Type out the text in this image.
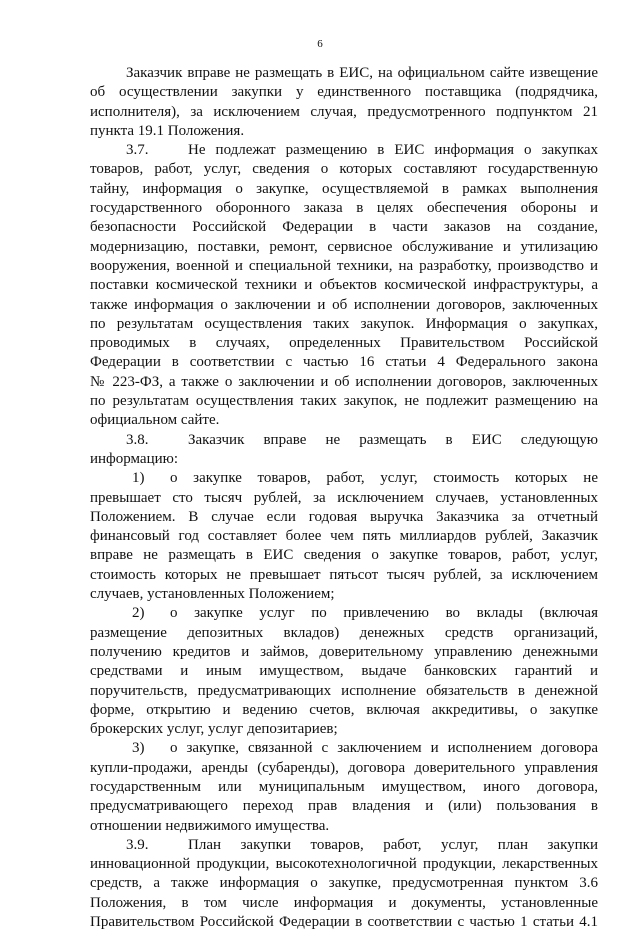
6
Заказчик вправе не размещать в ЕИС, на официальном сайте извещение
об осуществлении закупки у единственного поставщика (подрядчика,
исполнителя), за исключением случая, предусмотренного подпунктом 21
пункта 19.1 Положения.
3.7.	Не подлежат размещению в ЕИС информация о закупках
товаров, работ, услуг, сведения о которых составляют государственную
тайну, информация о закупке, осуществляемой в рамках выполнения
государственного оборонного заказа в целях обеспечения обороны и
безопасности Российской Федерации в части заказов на создание,
модернизацию, поставки, ремонт, сервисное обслуживание и утилизацию
вооружения, военной и специальной техники, на разработку, производство и
поставки космической техники и объектов космической инфраструктуры, а
также информация о заключении и об исполнении договоров, заключенных
по результатам осуществления таких закупок. Информация о закупках,
проводимых в случаях, определенных Правительством Российской
Федерации в соответствии с частью 16 статьи 4 Федерального закона
№ 223-ФЗ, а также о заключении и об исполнении договоров, заключенных
по результатам осуществления таких закупок, не подлежит размещению на
официальном сайте.
3.8.	Заказчик вправе не размещать в ЕИС следующую
информацию:
1) о закупке товаров, работ, услуг, стоимость которых не
превышает сто тысяч рублей, за исключением случаев, установленных
Положением. В случае если годовая выручка Заказчика за отчетный
финансовый год составляет более чем пять миллиардов рублей, Заказчик
вправе не размещать в ЕИС сведения о закупке товаров, работ, услуг,
стоимость которых не превышает пятьсот тысяч рублей, за исключением
случаев, установленных Положением;
2) о закупке услуг по привлечению во вклады (включая
размещение депозитных вкладов) денежных средств организаций,
получению кредитов и займов, доверительному управлению денежными
средствами и иным имуществом, выдаче банковских гарантий и
поручительств, предусматривающих исполнение обязательств в денежной
форме, открытию и ведению счетов, включая аккредитивы, о закупке
брокерских услуг, услуг депозитариев;
3) о закупке, связанной с заключением и исполнением договора
купли-продажи, аренды (субаренды), договора доверительного управления
государственным или муниципальным имуществом, иного договора,
предусматривающего переход прав владения и (или) пользования в
отношении недвижимого имущества.
3.9.	План закупки товаров, работ, услуг, план закупки
инновационной продукции, высокотехнологичной продукции, лекарственных
средств, а также информация о закупке, предусмотренная пунктом 3.6
Положения, в том числе информация и документы, установленные
Правительством Российской Федерации в соответствии с частью 1 статьи 4.1
